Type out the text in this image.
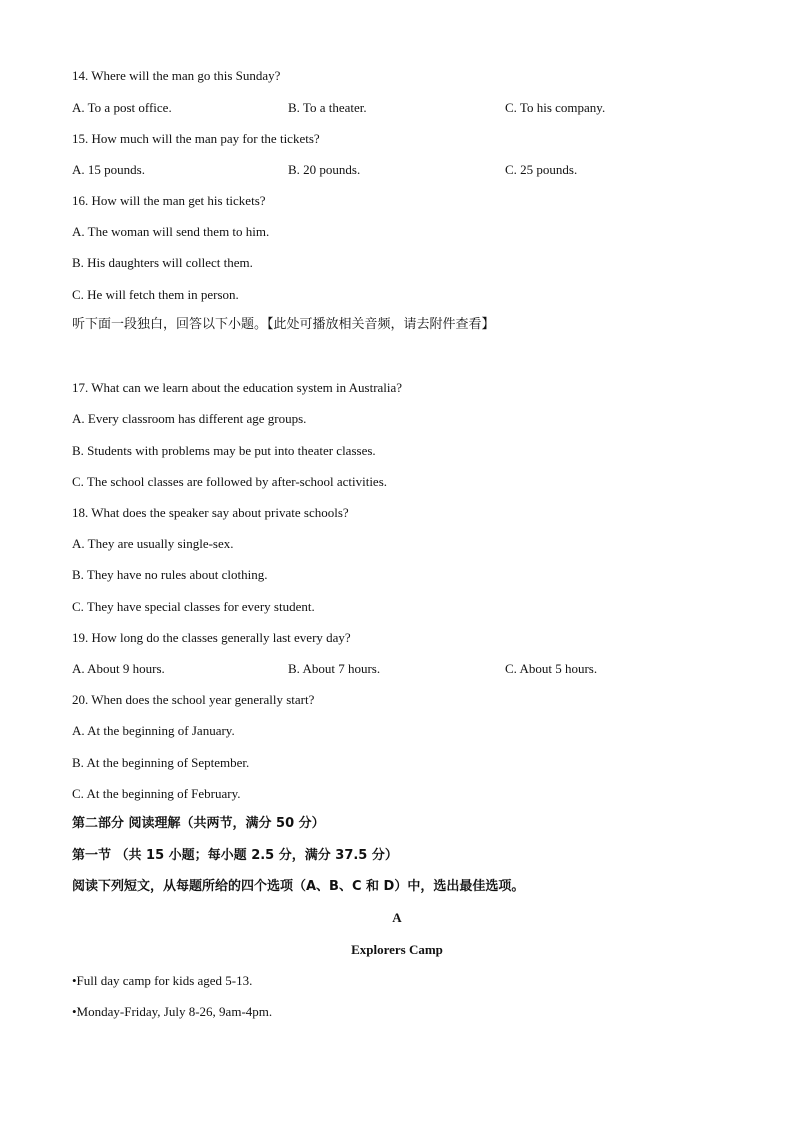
14. Where will the man go this Sunday?
A. To a post office.	B. To a theater.	C. To his company.
15. How much will the man pay for the tickets?
A. 15 pounds.	B. 20 pounds.	C. 25 pounds.
16. How will the man get his tickets?
A. The woman will send them to him.
B. His daughters will collect them.
C. He will fetch them in person.
听下面一段独白，回答以下小题。【此处可播放相关音频，请去附件查看】
17. What can we learn about the education system in Australia?
A. Every classroom has different age groups.
B. Students with problems may be put into theater classes.
C. The school classes are followed by after-school activities.
18. What does the speaker say about private schools?
A. They are usually single-sex.
B. They have no rules about clothing.
C. They have special classes for every student.
19. How long do the classes generally last every day?
A. About 9 hours.	B. About 7 hours.	C. About 5 hours.
20. When does the school year generally start?
A. At the beginning of January.
B. At the beginning of September.
C. At the beginning of February.
第二部分 阅读理解（共两节，满分 50 分）
第一节 （共 15 小题；每小题 2.5 分，满分 37.5 分）
阅读下列短文，从每题所给的四个选项（A、B、C 和 D）中，选出最佳选项。
A
Explorers Camp
•Full day camp for kids aged 5-13.
•Monday-Friday, July 8-26, 9am-4pm.
